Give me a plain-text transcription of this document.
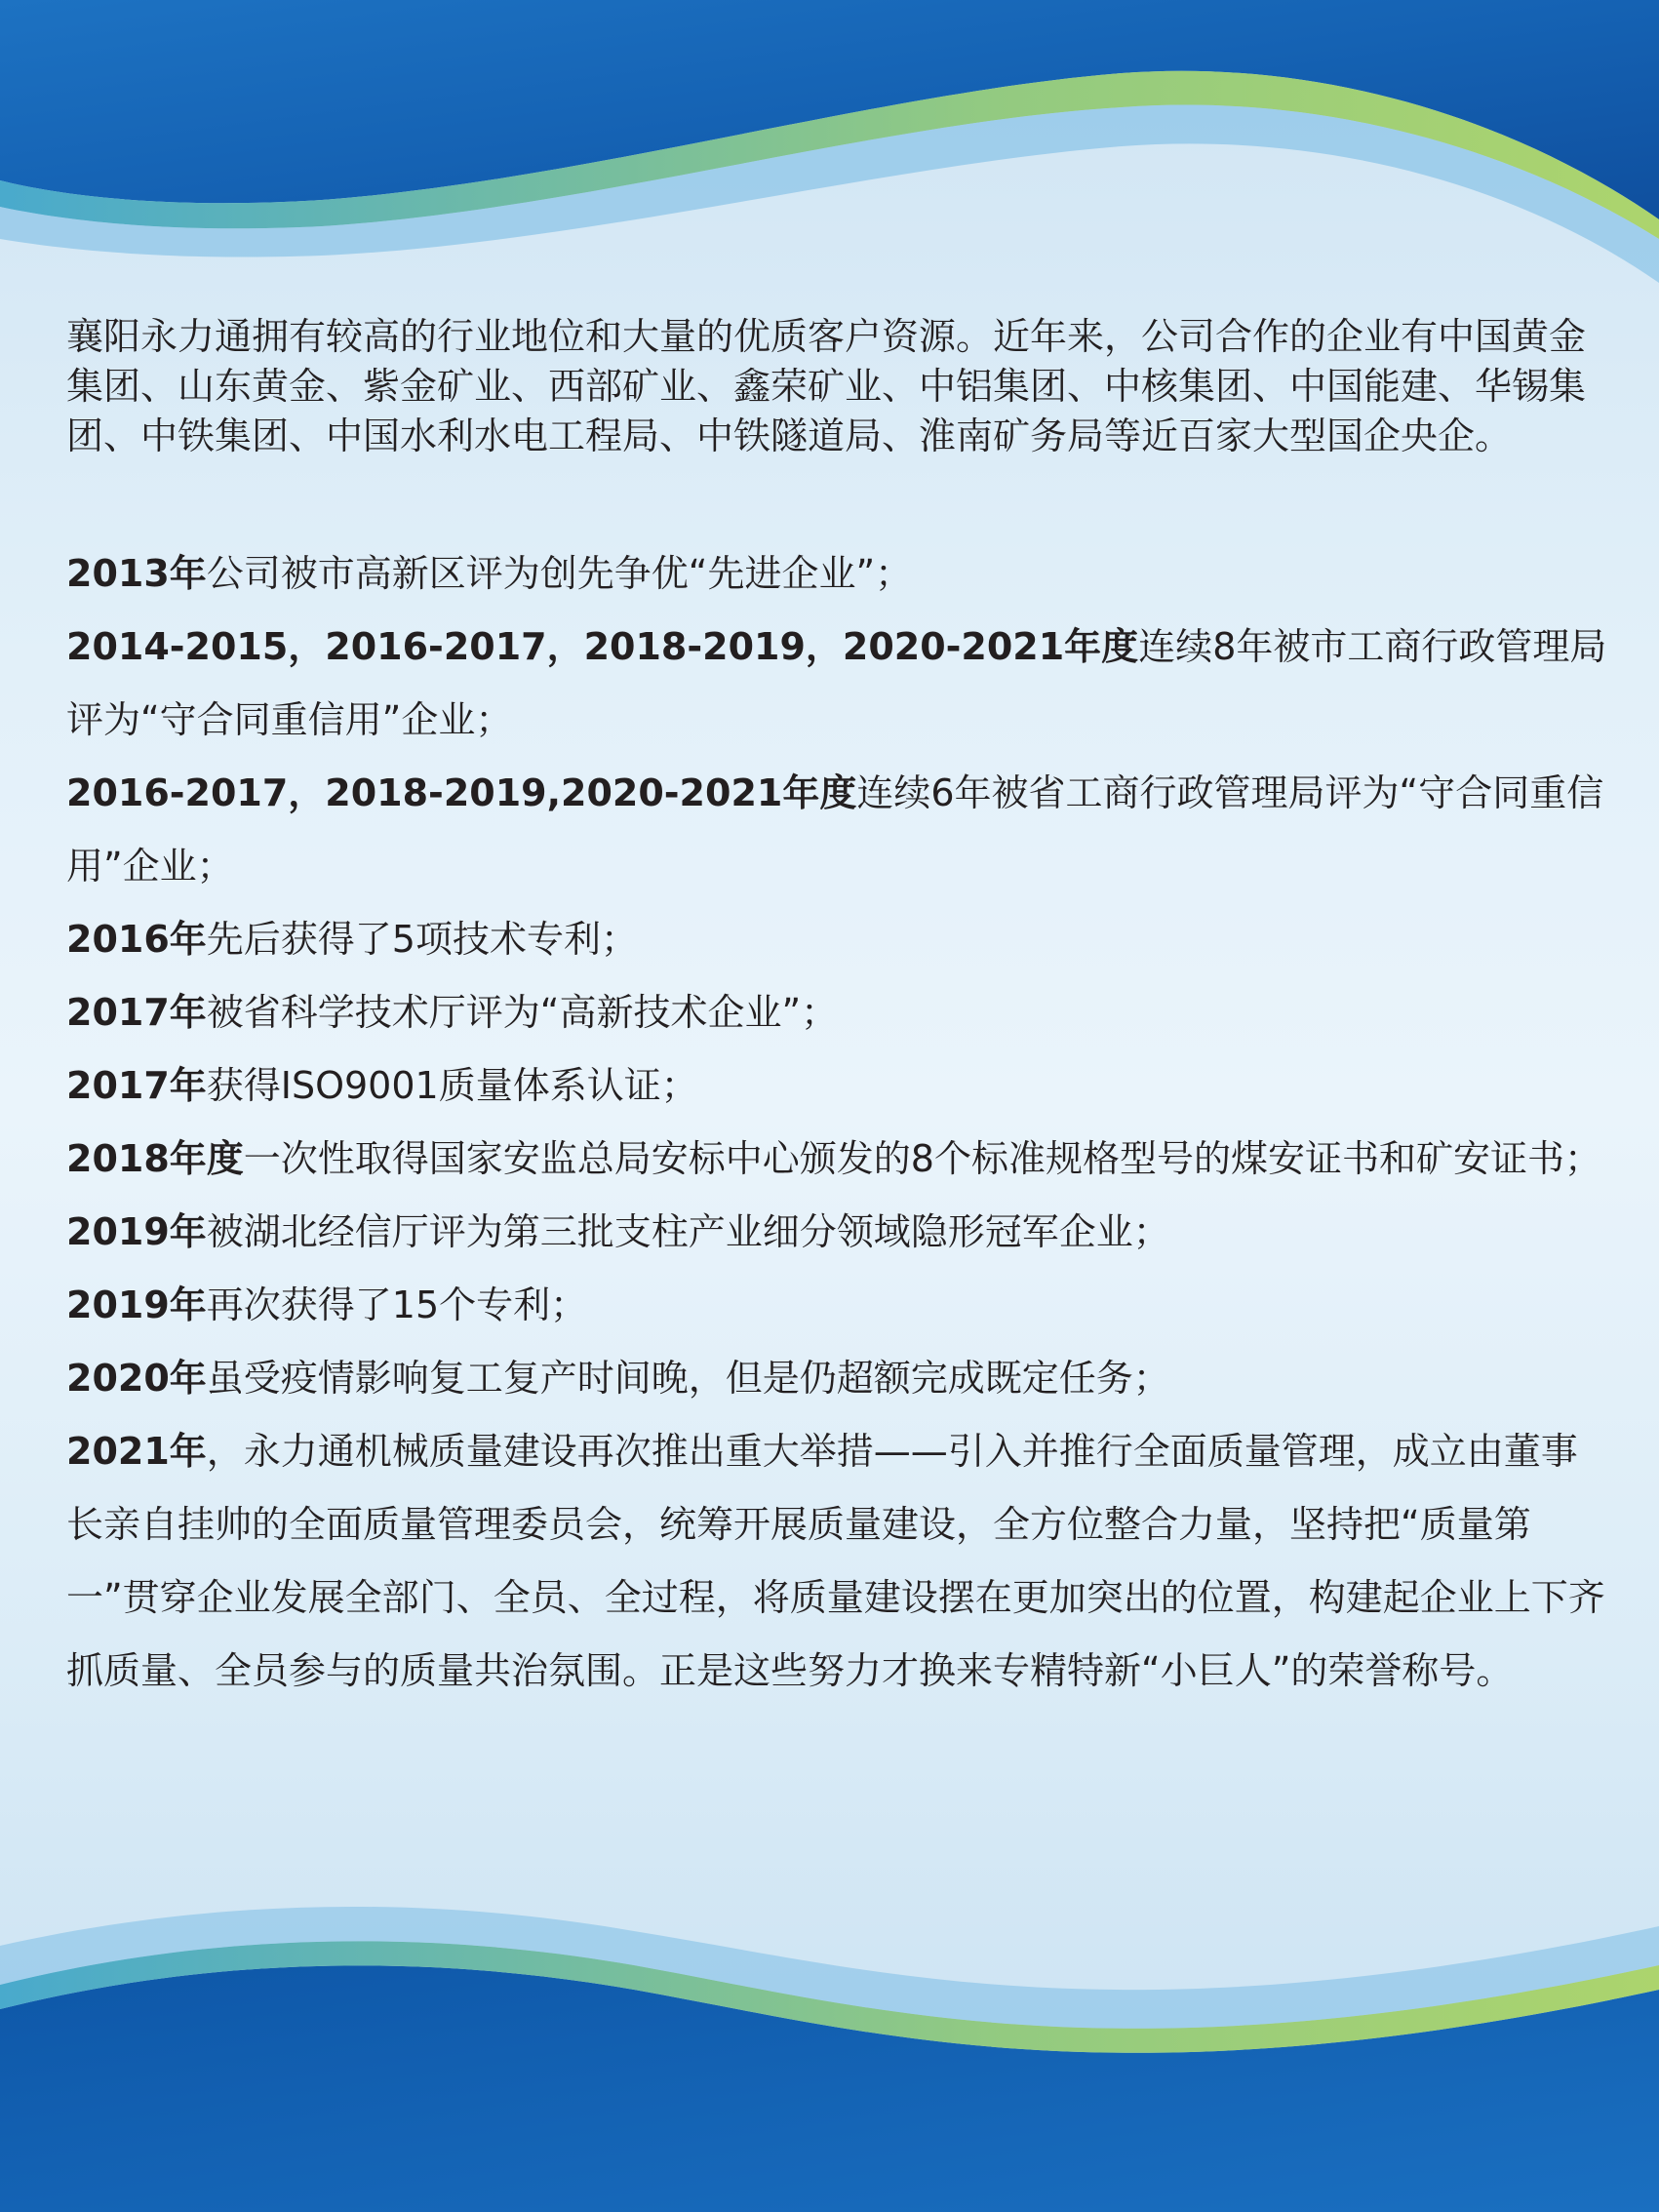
襄阳永力通拥有较高的行业地位和大量的优质客户资源。近年来，公司合作的企业有中国黄金集团、山东黄金、紫金矿业、西部矿业、鑫荣矿业、中铝集团、中核集团、中国能建、华锡集团、中铁集团、中国水利水电工程局、中铁隧道局、淮南矿务局等近百家大型国企央企。

2013年公司被市高新区评为创先争优“先进企业”；

2014-2015，2016-2017，2018-2019，2020-2021年度连续8年被市工商行政管理局评为“守合同重信用”企业；

2016-2017，2018-2019,2020-2021年度连续6年被省工商行政管理局评为“守合同重信用”企业；

2016年先后获得了5项技术专利；

2017年被省科学技术厅评为“高新技术企业”；

2017年获得ISO9001质量体系认证；

2018年度一次性取得国家安监总局安标中心颁发的8个标准规格型号的煤安证书和矿安证书；

2019年被湖北经信厅评为第三批支柱产业细分领域隐形冠军企业；

2019年再次获得了15个专利；

2020年虽受疫情影响复工复产时间晚，但是仍超额完成既定任务；

2021年，永力通机械质量建设再次推出重大举措——引入并推行全面质量管理，成立由董事长亲自挂帅的全面质量管理委员会，统筹开展质量建设，全方位整合力量，坚持把“质量第一”贯穿企业发展全部门、全员、全过程，将质量建设摆在更加突出的位置，构建起企业上下齐抓质量、全员参与的质量共治氛围。正是这些努力才换来专精特新“小巨人”的荣誉称号。
